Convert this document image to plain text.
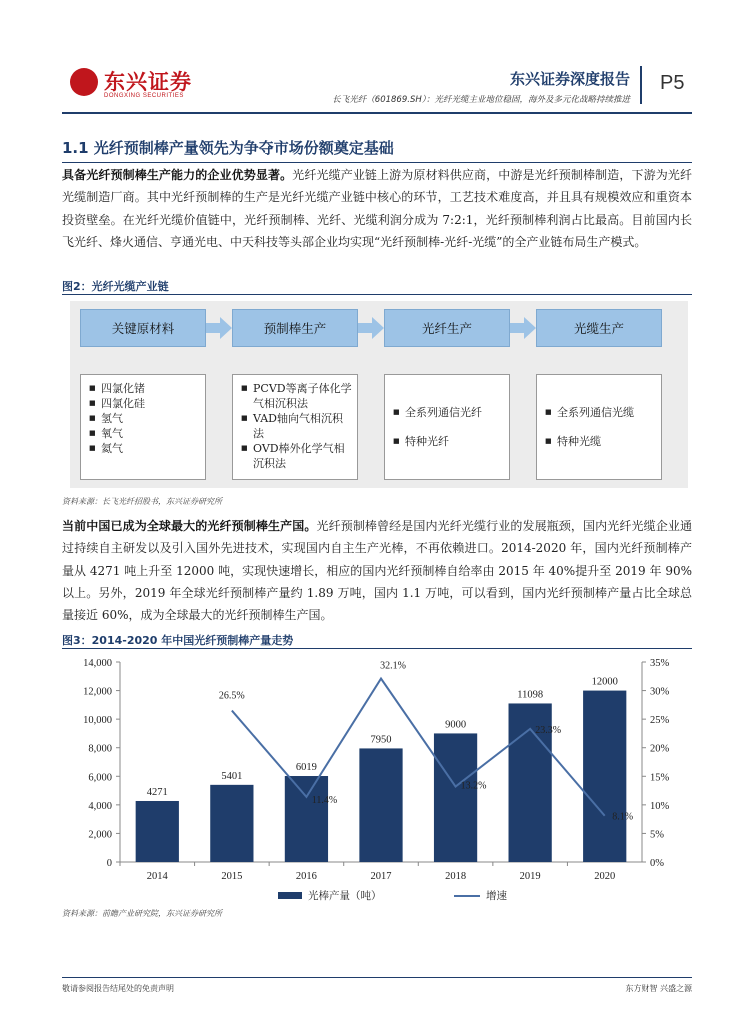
东兴证券
DONGXING SECURITIES
东兴证券深度报告
长飞光纤（601869.SH）：光纤光缆主业地位稳固，海外及多元化战略持续推进
P5
1.1 光纤预制棒产量领先为争夺市场份额奠定基础
具备光纤预制棒生产能力的企业优势显著。光纤光缆产业链上游为原材料供应商，中游是光纤预制棒制造，下游为光纤光缆制造厂商。其中光纤预制棒的生产是光纤光缆产业链中核心的环节，工艺技术难度高，并且具有规模效应和重资本投资壁垒。在光纤光缆价值链中，光纤预制棒、光纤、光缆利润分成为 7:2:1，光纤预制棒利润占比最高。目前国内长飞光纤、烽火通信、亨通光电、中天科技等头部企业均实现“光纤预制棒-光纤-光缆”的全产业链布局生产模式。
图2：光纤光缆产业链
关键原材料	预制棒生产	光纤生产	光缆生产
■ 四氯化锗
■ 四氯化硅
■ 氢气
■ 氧气
■ 氦气
■ PCVD等离子体化学气相沉积法
■ VAD轴向气相沉积法
■ OVD棒外化学气相沉积法
■ 全系列通信光纤
■ 特种光纤
■ 全系列通信光缆
■ 特种光缆
资料来源：长飞光纤招股书，东兴证券研究所
当前中国已成为全球最大的光纤预制棒生产国。光纤预制棒曾经是国内光纤光缆行业的发展瓶颈，国内光纤光缆企业通过持续自主研发以及引入国外先进技术，实现国内自主生产光棒，不再依赖进口。2014-2020 年，国内光纤预制棒产量从 4271 吨上升至 12000 吨，实现快速增长，相应的国内光纤预制棒自给率由 2015 年 40%提升至 2019 年 90%以上。另外，2019 年全球光纤预制棒产量约 1.89 万吨，国内 1.1 万吨，可以看到，国内光纤预制棒产量占比全球总量接近 60%，成为全球最大的光纤预制棒生产国。
图3：2014-2020 年中国光纤预制棒产量走势
0
2,000
4,000
6,000
8,000
10,000
12,000
14,000
0%
5%
10%
15%
20%
25%
30%
35%
2014	2015	2016	2017	2018	2019	2020
4271
5401
6019
7950
9000
11098
12000
26.5%
11.4%
32.1%
13.2%
23.3%
8.1%
光棒产量（吨）	增速
资料来源：前瞻产业研究院，东兴证券研究所
敬请参阅报告结尾处的免责声明	东方财智 兴盛之源
